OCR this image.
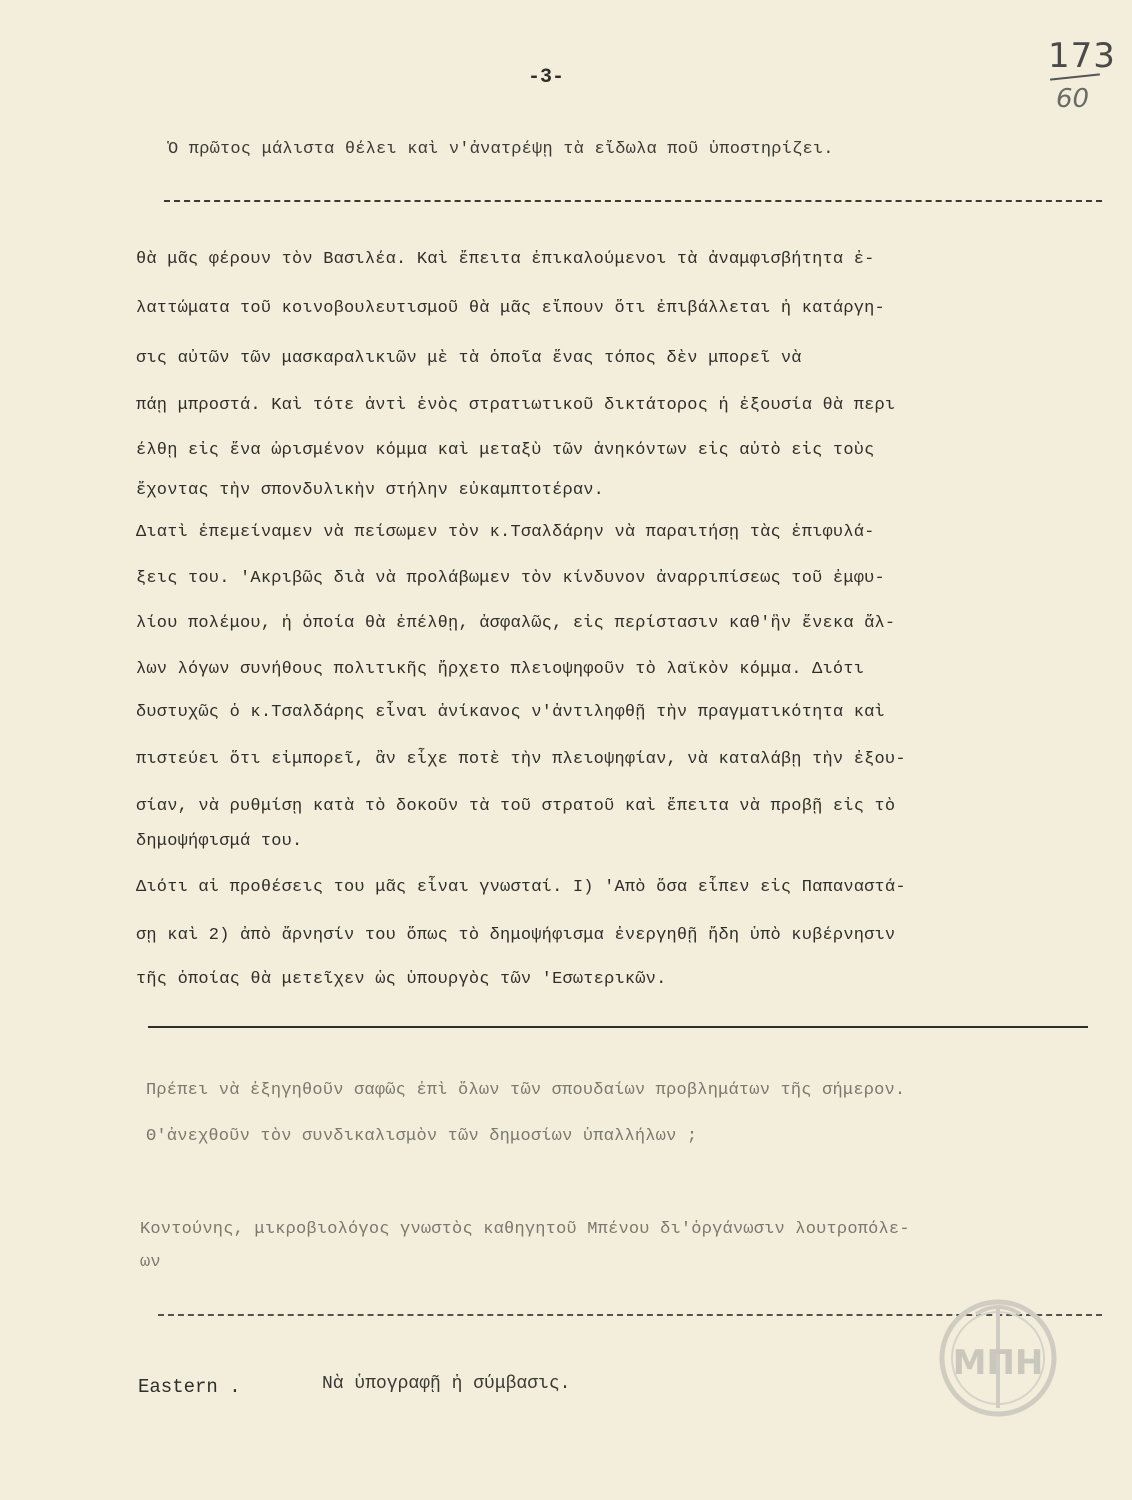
173
60
-3-
Ὁ πρῶτος μάλιστα θέλει καὶ ν'ἀνατρέψῃ τὰ εἴδωλα ποῦ ὑποστηρίζει.
θὰ μᾶς φέρουν τὸν Βασιλέα. Καὶ ἔπειτα ἐπικαλούμενοι τὰ ἀναμφισβήτητα ἐ-
λαττώματα τοῦ κοινοβουλευτισμοῦ θὰ μᾶς εἴπουν ὅτι ἐπιβάλλεται ἡ κατάργη-
σις αὐτῶν τῶν μασκαραλικιῶν μὲ τὰ ὁποῖα ἕνας τόπος δὲν μπορεῖ νὰ
πάῃ μπροστά. Καὶ τότε ἀντὶ ἑνὸς στρατιωτικοῦ δικτάτορος ἡ ἐξουσία θὰ περι
έλθῃ εἰς ἕνα ὡρισμένον κόμμα καὶ μεταξὺ τῶν ἀνηκόντων εἰς αὐτὸ εἰς τοὺς
ἔχοντας τὴν σπονδυλικὴν στήλην εὐκαμπτοτέραν.
Διατὶ ἐπεμείναμεν νὰ πείσωμεν τὸν κ.Τσαλδάρην νὰ παραιτήσῃ τὰς ἐπιφυλά-
ξεις του. 'Ακριβῶς διὰ νὰ προλάβωμεν τὸν κίνδυνον ἀναρριπίσεως τοῦ ἐμφυ-
λίου πολέμου, ἡ ὁποία θὰ ἐπέλθῃ, ἀσφαλῶς, εἰς περίστασιν καθ'ἣν ἕνεκα ἄλ-
λων λόγων συνήθους πολιτικῆς ἤρχετο πλειοψηφοῦν τὸ λαϊκὸν κόμμα. Διότι
δυστυχῶς ὁ κ.Τσαλδάρης εἶναι ἀνίκανος ν'ἀντιληφθῇ τὴν πραγματικότητα καὶ
πιστεύει ὅτι εἰμπορεῖ, ἂν εἶχε ποτὲ τὴν πλειοψηφίαν, νὰ καταλάβῃ τὴν ἐξου-
σίαν, νὰ ρυθμίσῃ κατὰ τὸ δοκοῦν τὰ τοῦ στρατοῦ καὶ ἔπειτα νὰ προβῇ εἰς τὸ
δημοψήφισμά του.
Διότι αἱ προθέσεις του μᾶς εἶναι γνωσταί. Ι) 'Απὸ ὅσα εἶπεν εἰς Παπαναστά-
σῃ καὶ 2) ἀπὸ ἄρνησίν του ὅπως τὸ δημοψήφισμα ἐνεργηθῇ ἤδη ὑπὸ κυβέρνησιν
τῆς ὁποίας θὰ μετεῖχεν ὡς ὑπουργὸς τῶν 'Εσωτερικῶν.
Πρέπει νὰ ἐξηγηθοῦν σαφῶς ἐπὶ ὅλων τῶν σπουδαίων προβλημάτων τῆς σήμερον.
Θ'ἀνεχθοῦν τὸν συνδικαλισμὸν τῶν δημοσίων ὑπαλλήλων ;
Κοντούνης, μικροβιολόγος γνωστὸς καθηγητοῦ Μπένου δι'ὀργάνωσιν λουτροπόλε-
ων
ΜΠΗ
Eastern .	Νὰ ὑπογραφῇ ἡ σύμβασις.
